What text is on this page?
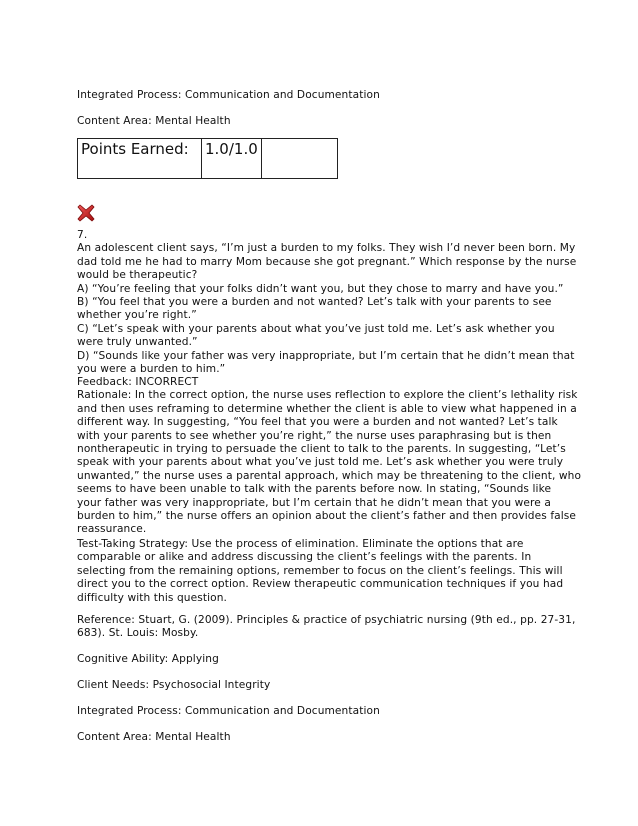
Integrated Process: Communication and Documentation
Content Area: Mental Health
Points Earned:	1.0/1.0	
7.
An adolescent client says, “I’m just a burden to my folks. They wish I’d never been born. My
dad told me he had to marry Mom because she got pregnant.” Which response by the nurse
would be therapeutic?
A) “You’re feeling that your folks didn’t want you, but they chose to marry and have you.”
B) “You feel that you were a burden and not wanted? Let’s talk with your parents to see
whether you’re right.”
C) “Let’s speak with your parents about what you’ve just told me. Let’s ask whether you
were truly unwanted.”
D) “Sounds like your father was very inappropriate, but I’m certain that he didn’t mean that
you were a burden to him.”
Feedback: INCORRECT
Rationale: In the correct option, the nurse uses reflection to explore the client’s lethality risk
and then uses reframing to determine whether the client is able to view what happened in a
different way. In suggesting, “You feel that you were a burden and not wanted? Let’s talk
with your parents to see whether you’re right,” the nurse uses paraphrasing but is then
nontherapeutic in trying to persuade the client to talk to the parents. In suggesting, “Let’s
speak with your parents about what you’ve just told me. Let’s ask whether you were truly
unwanted,” the nurse uses a parental approach, which may be threatening to the client, who
seems to have been unable to talk with the parents before now. In stating, “Sounds like
your father was very inappropriate, but I’m certain that he didn’t mean that you were a
burden to him,” the nurse offers an opinion about the client’s father and then provides false
reassurance.
Test-Taking Strategy: Use the process of elimination. Eliminate the options that are
comparable or alike and address discussing the client’s feelings with the parents. In
selecting from the remaining options, remember to focus on the client’s feelings. This will
direct you to the correct option. Review therapeutic communication techniques if you had
difficulty with this question.
Reference: Stuart, G. (2009). Principles & practice of psychiatric nursing (9th ed., pp. 27-31,
683). St. Louis: Mosby.
Cognitive Ability: Applying
Client Needs: Psychosocial Integrity
Integrated Process: Communication and Documentation
Content Area: Mental Health
